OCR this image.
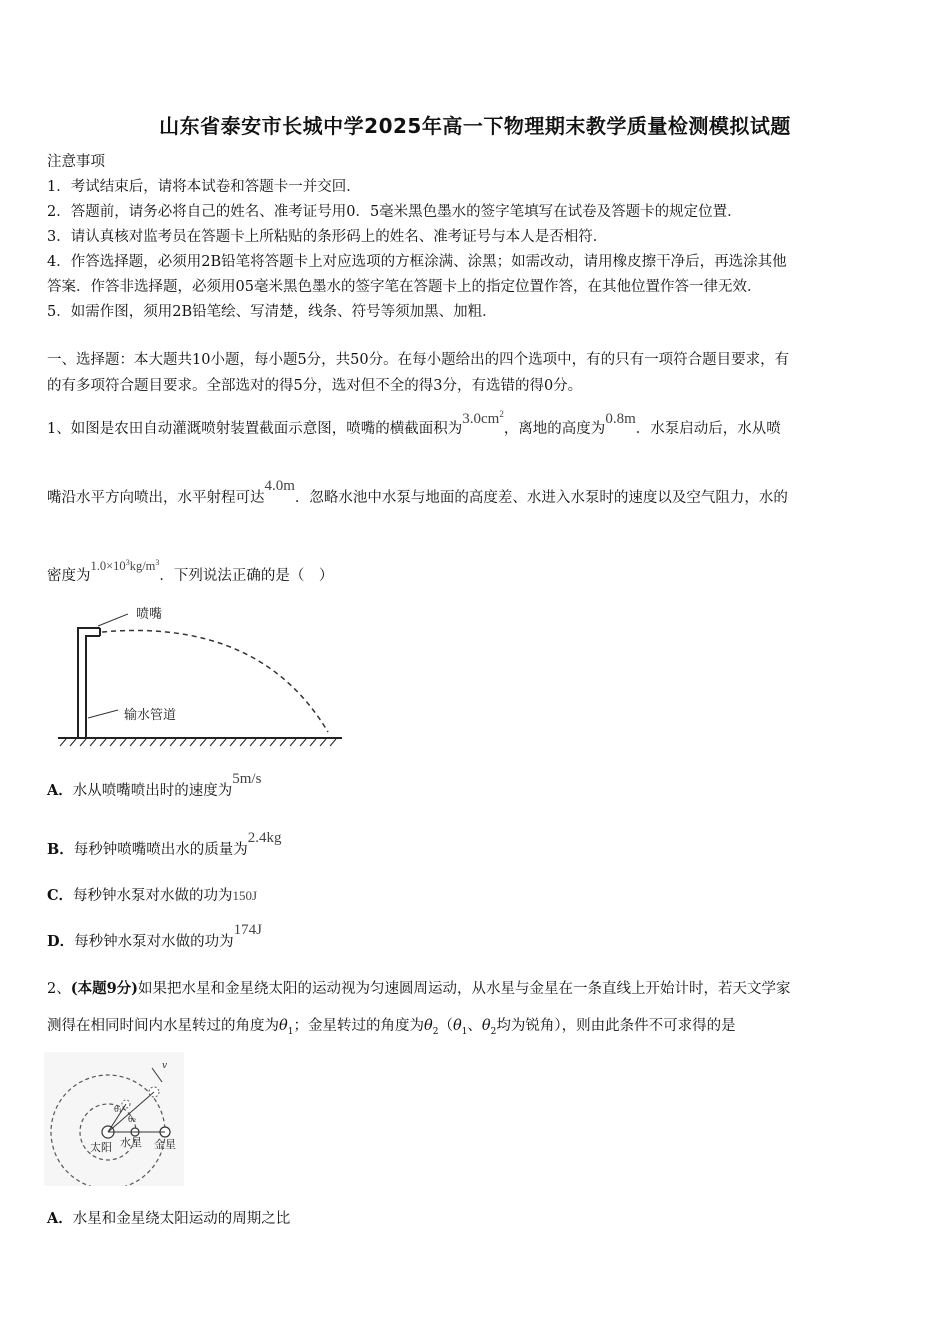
山东省泰安市长城中学2025年高一下物理期末教学质量检测模拟试题
注意事项
1．考试结束后，请将本试卷和答题卡一并交回．
2．答题前，请务必将自己的姓名、准考证号用0．5毫米黑色墨水的签字笔填写在试卷及答题卡的规定位置．
3．请认真核对监考员在答题卡上所粘贴的条形码上的姓名、准考证号与本人是否相符．
4．作答选择题，必须用2B铅笔将答题卡上对应选项的方框涂满、涂黑；如需改动，请用橡皮擦干净后，再选涂其他
答案．作答非选择题，必须用05毫米黑色墨水的签字笔在答题卡上的指定位置作答，在其他位置作答一律无效．
5．如需作图，须用2B铅笔绘、写清楚，线条、符号等须加黑、加粗．
一、选择题：本大题共10小题，每小题5分，共50分。在每小题给出的四个选项中，有的只有一项符合题目要求，有
的有多项符合题目要求。全部选对的得5分，选对但不全的得3分，有选错的得0分。
1、如图是农田自动灌溉喷射装置截面示意图，喷嘴的横截面积为$3.0cm^2$，离地的高度为0.8m．水泵启动后，水从喷
嘴沿水平方向喷出，水平射程可达4.0m．忽略水池中水泵与地面的高度差、水进入水泵时的速度以及空气阻力，水的
密度为$1.0\times 10^3kg/m^3$．下列说法正确的是（　）
喷嘴
输水管道
A．水从喷嘴喷出时的速度为5m/s
B．每秒钟喷嘴喷出水的质量为2.4kg
C．每秒钟水泵对水做的功为150J
D．每秒钟水泵对水做的功为174J
2、(本题9分)如果把水星和金星绕太阳的运动视为匀速圆周运动，从水星与金星在一条直线上开始计时，若天文学家
测得在相同时间内水星转过的角度为$\theta_1$；金星转过的角度为$\theta_2(\theta_1$、$\theta_2$均为锐角），则由此条件不可求得的是
v
θ₁
θ₂
太阳 水星 金星
A．水星和金星绕太阳运动的周期之比
